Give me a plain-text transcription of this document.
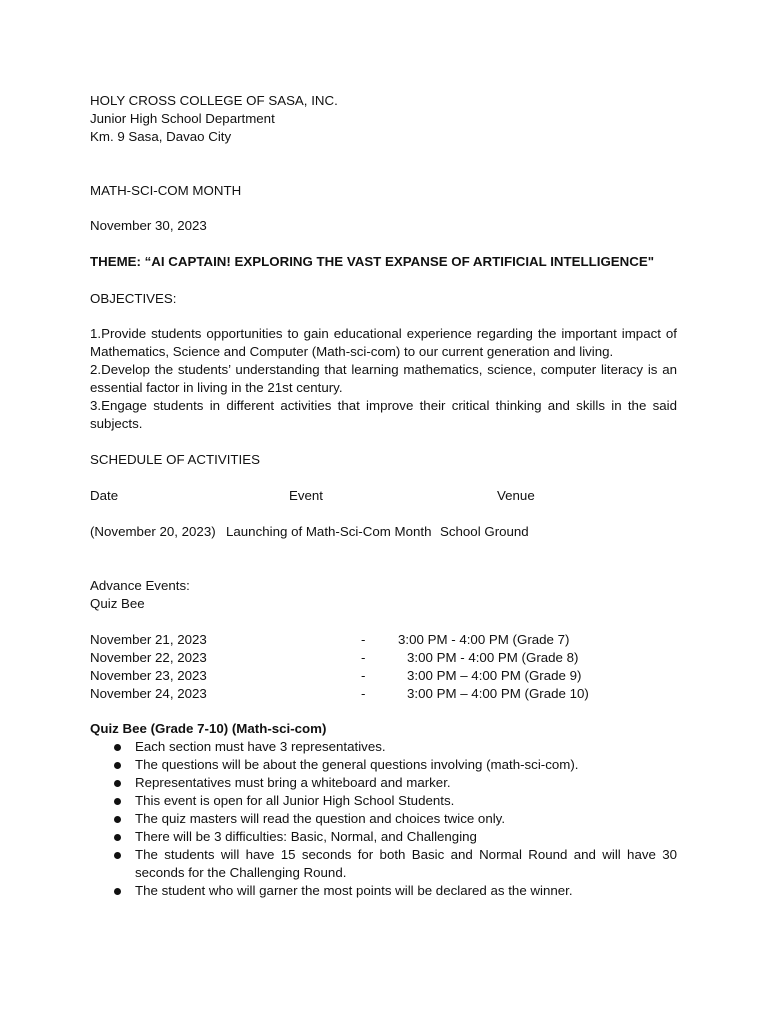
HOLY CROSS COLLEGE OF SASA, INC.
Junior High School Department
Km. 9 Sasa, Davao City
MATH-SCI-COM MONTH
November 30, 2023
THEME: “AI CAPTAIN! EXPLORING THE VAST EXPANSE OF ARTIFICIAL INTELLIGENCE"
OBJECTIVES:
1.Provide students opportunities to gain educational experience regarding the important impact of Mathematics, Science and Computer (Math-sci-com) to our current generation and living.
2.Develop the students’ understanding that learning mathematics, science, computer literacy is an essential factor in living in the 21st century.
3.Engage students in different activities that improve their critical thinking and skills in the said subjects.
SCHEDULE OF ACTIVITIES
Date	Event	Venue
(November 20, 2023) Launching of Math-Sci-Com Month School Ground
Advance Events:
Quiz Bee
November 21, 2023	- 3:00 PM - 4:00 PM (Grade 7)
November 22, 2023	-	3:00 PM - 4:00 PM (Grade 8)
November 23, 2023	-	3:00 PM – 4:00 PM (Grade 9)
November 24, 2023	-	3:00 PM – 4:00 PM (Grade 10)
Quiz Bee (Grade 7-10) (Math-sci-com)
Each section must have 3 representatives.
The questions will be about the general questions involving (math-sci-com).
Representatives must bring a whiteboard and marker.
This event is open for all Junior High School Students.
The quiz masters will read the question and choices twice only.
There will be 3 difficulties: Basic, Normal, and Challenging
The students will have 15 seconds for both Basic and Normal Round and will have 30 seconds for the Challenging Round.
The student who will garner the most points will be declared as the winner.
